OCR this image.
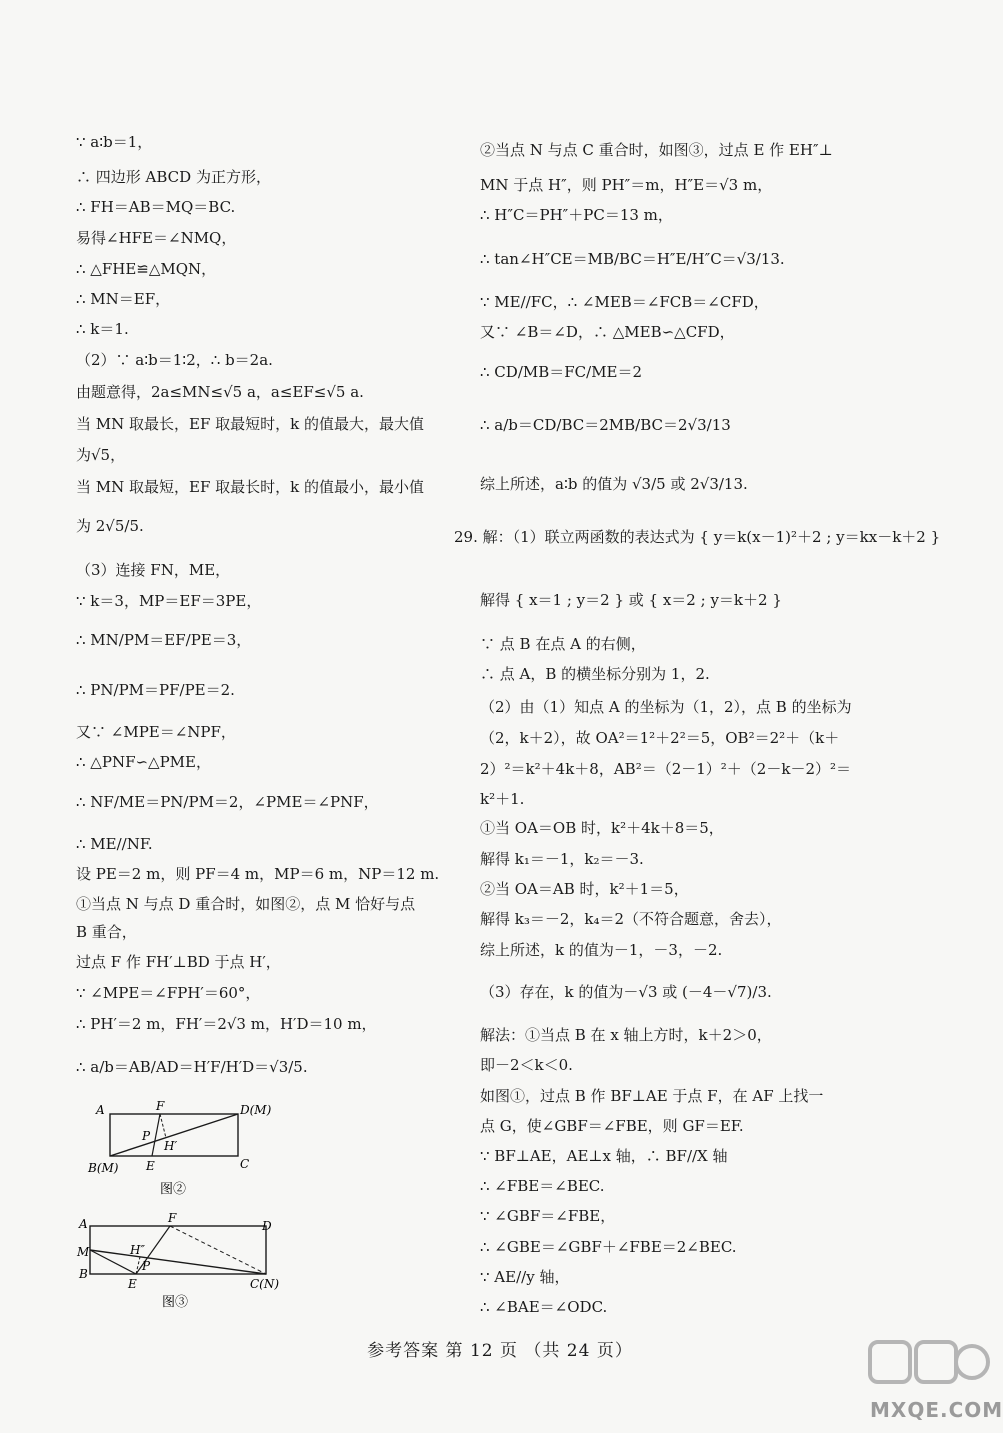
∵ a∶b＝1，
∴ 四边形 ABCD 为正方形，
∴ FH＝AB＝MQ＝BC.
易得∠HFE＝∠NMQ，
∴ △FHE≌△MQN，
∴ MN＝EF，
∴ k＝1.
（2）∵ a∶b＝1∶2，∴ b＝2a.
由题意得，2a≤MN≤√5 a，a≤EF≤√5 a.
当 MN 取最长，EF 取最短时，k 的值最大，最大值
为√5，
当 MN 取最短，EF 取最长时，k 的值最小，最小值
为 2√5/5.
（3）连接 FN，ME，
∵ k＝3，MP＝EF＝3PE，
∴ MN/PM＝EF/PE＝3，
∴ PN/PM＝PF/PE＝2.
又∵ ∠MPE＝∠NPF，
∴ △PNF∽△PME，
∴ NF/ME＝PN/PM＝2，∠PME＝∠PNF，
∴ ME//NF.
设 PE＝2 m，则 PF＝4 m，MP＝6 m，NP＝12 m.
①当点 N 与点 D 重合时，如图②，点 M 恰好与点
B 重合，
过点 F 作 FH′⊥BD 于点 H′，
∵ ∠MPE＝∠FPH′＝60°，
∴ PH′＝2 m，FH′＝2√3 m，H′D＝10 m，
∴ a/b＝AB/AD＝H′F/H′D＝√3/5.
A	F	D(M)
P
H′
B(M) E	C
图②
A	F
D
M	H″
P
B
E	C(N)
图③
②当点 N 与点 C 重合时，如图③，过点 E 作 EH″⊥
MN 于点 H″，则 PH″＝m，H″E＝√3 m，
∴ H″C＝PH″＋PC＝13 m，
∴ tan∠H″CE＝MB/BC＝H″E/H″C＝√3/13.
∵ ME//FC，∴ ∠MEB＝∠FCB＝∠CFD，
又∵ ∠B＝∠D，∴ △MEB∽△CFD，
∴ CD/MB＝FC/ME＝2
∴ a/b＝CD/BC＝2MB/BC＝2√3/13
综上所述，a∶b 的值为 √3/5 或 2√3/13.
29. 解：（1）联立两函数的表达式为 { y＝k(x－1)²＋2 ; y＝kx－k＋2 }
解得 { x＝1 ; y＝2 } 或 { x＝2 ; y＝k＋2 }
∵ 点 B 在点 A 的右侧，
∴ 点 A，B 的横坐标分别为 1，2.
（2）由（1）知点 A 的坐标为（1，2），点 B 的坐标为
（2，k＋2），故 OA²＝1²＋2²＝5，OB²＝2²＋（k＋
2）²＝k²＋4k＋8，AB²＝（2－1）²＋（2－k－2）²＝
k²＋1.
①当 OA＝OB 时，k²＋4k＋8＝5，
解得 k₁＝－1，k₂＝－3.
②当 OA＝AB 时，k²＋1＝5，
解得 k₃＝－2，k₄＝2（不符合题意，舍去），
综上所述，k 的值为－1，－3，－2.
（3）存在，k 的值为－√3 或 (－4－√7)/3.
解法：①当点 B 在 x 轴上方时，k＋2＞0，
即－2＜k＜0.
如图①，过点 B 作 BF⊥AE 于点 F，在 AF 上找一
点 G，使∠GBF＝∠FBE，则 GF＝EF.
∵ BF⊥AE，AE⊥x 轴，∴ BF//X 轴
∴ ∠FBE＝∠BEC.
∵ ∠GBF＝∠FBE，
∴ ∠GBE＝∠GBF＋∠FBE＝2∠BEC.
∵ AE//y 轴，
∴ ∠BAE＝∠ODC.
参考答案 第 12 页 （共 24 页）
MXQE.COM
